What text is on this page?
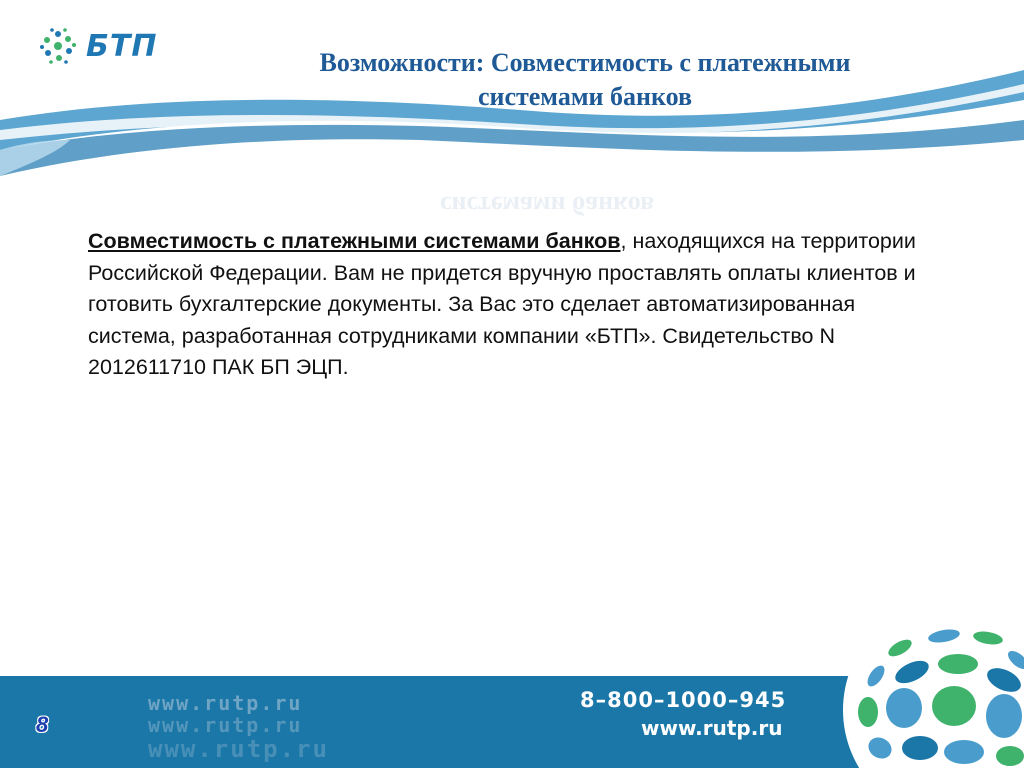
БТП	Возможности: Совместимость с платежными
системами банков
системами банков
Совместимость с платежными системами банков, находящихся на территории Российской Федерации. Вам не придется вручную проставлять оплаты клиентов и готовить бухгалтерские документы. За Вас это сделает автоматизированная система, разработанная сотрудниками компании «БТП». Свидетельство N 2012611710 ПАК БП ЭЦП.
www.rutp.ru
www.rutp.ru
www.rutp.ru
8
8–800–1000–945
www.rutp.ru
